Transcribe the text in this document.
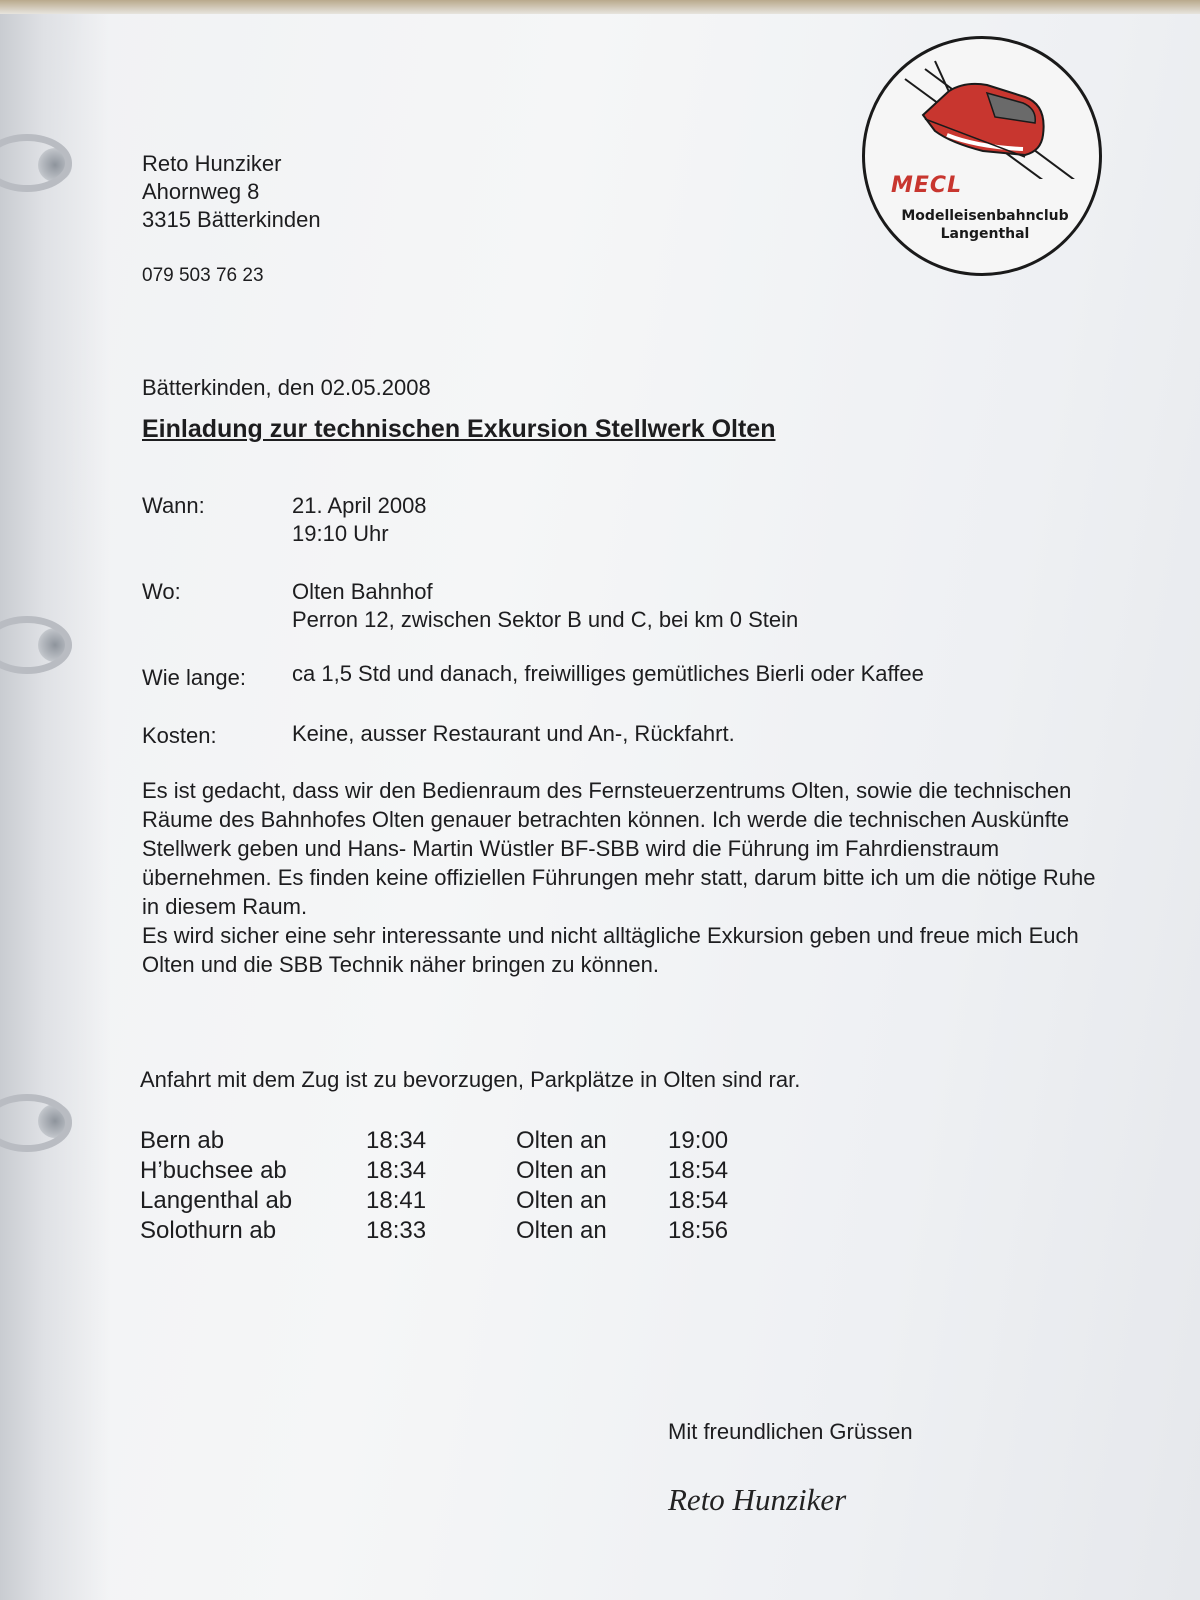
Reto Hunziker
Ahornweg 8
3315 Bätterkinden
079 503 76 23
MECL
Modelleisenbahnclub
Langenthal
Bätterkinden, den 02.05.2008
Einladung zur technischen Exkursion Stellwerk Olten
Wann:	21. April 2008
19:10 Uhr
Wo:	Olten Bahnhof
Perron 12, zwischen Sektor B und C, bei km 0 Stein
Wie lange: ca 1,5 Std und danach, freiwilliges gemütliches Bierli oder Kaffee
Kosten:	Keine, ausser Restaurant und An-, Rückfahrt.
Es ist gedacht, dass wir den Bedienraum des Fernsteuerzentrums Olten, sowie die technischen Räume des Bahnhofes Olten genauer betrachten können. Ich werde die technischen Auskünfte Stellwerk geben und Hans- Martin Wüstler BF-SBB wird die Führung im Fahrdienstraum übernehmen. Es finden keine offiziellen Führungen mehr statt, darum bitte ich um die nötige Ruhe in diesem Raum.
Es wird sicher eine sehr interessante und nicht alltägliche Exkursion geben und freue mich Euch Olten und die SBB Technik näher bringen zu können.
Anfahrt mit dem Zug ist zu bevorzugen, Parkplätze in Olten sind rar.
Bern ab	18:34	Olten an	19:00
H’buchsee ab	18:34	Olten an	18:54
Langenthal ab	18:41	Olten an	18:54
Solothurn ab	18:33	Olten an	18:56
Mit freundlichen Grüssen
Reto Hunziker
